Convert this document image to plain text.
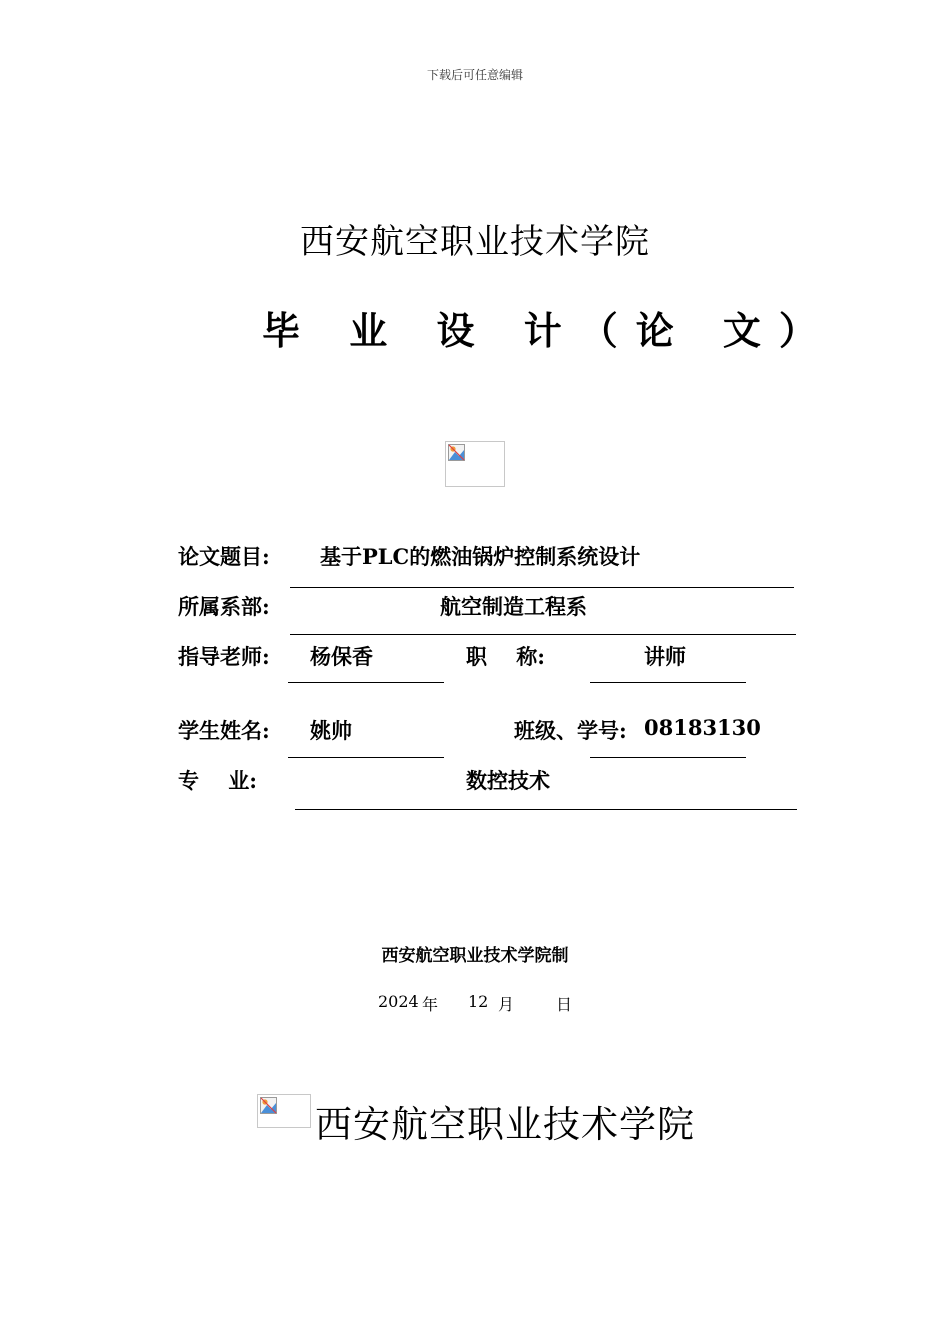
下载后可任意编辑
西安航空职业技术学院
毕 业 设 计（论 文）
论文题目: 基于PLC的燃油锅炉控制系统设计
所属系部:	航空制造工程系
指导老师: 杨保香	职    称:	讲师
学生姓名: 姚帅	班级、学号: 08183130
专    业:	数控技术
西安航空职业技术学院制
2024 年 12 月	日
西安航空职业技术学院
